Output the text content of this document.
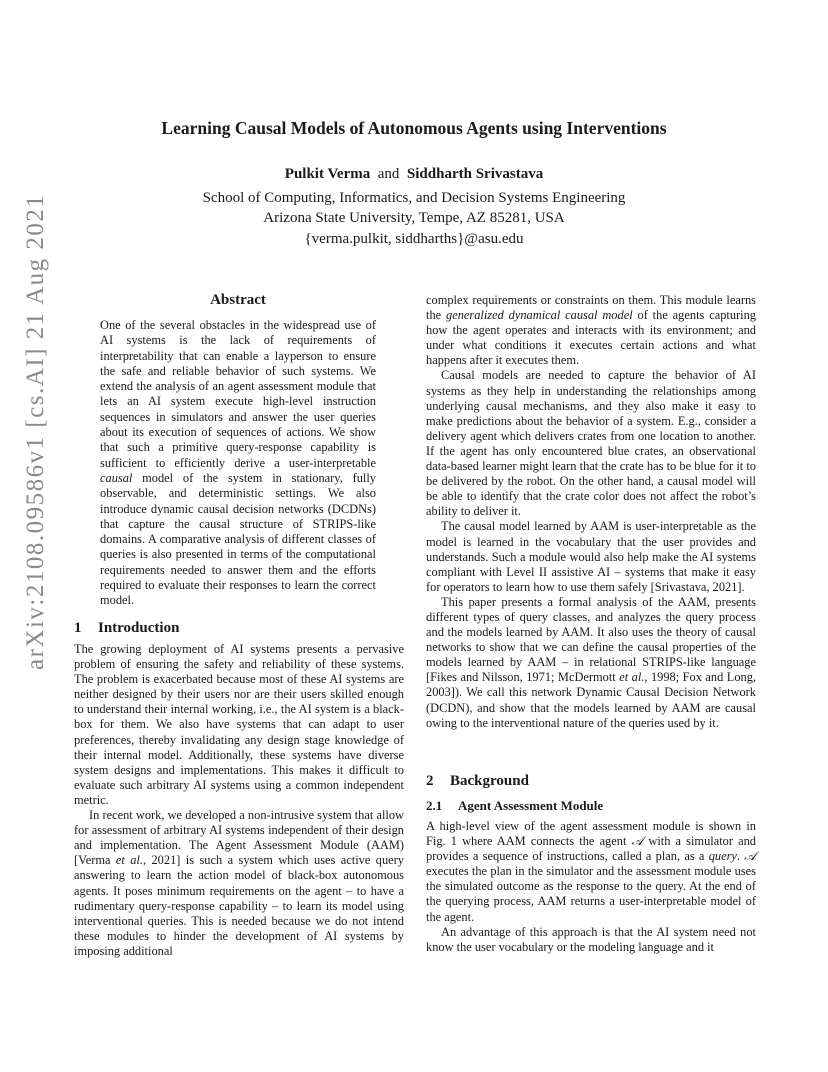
arXiv:2108.09586v1 [cs.AI] 21 Aug 2021
Learning Causal Models of Autonomous Agents using Interventions
Pulkit Verma and Siddharth Srivastava
School of Computing, Informatics, and Decision Systems Engineering
Arizona State University, Tempe, AZ 85281, USA
{verma.pulkit, siddharths}@asu.edu
Abstract
One of the several obstacles in the widespread use of AI systems is the lack of requirements of interpretability that can enable a layperson to ensure the safe and reliable behavior of such systems. We extend the analysis of an agent assessment module that lets an AI system execute high-level instruction sequences in simulators and answer the user queries about its execution of sequences of actions. We show that such a primitive query-response capability is sufficient to efficiently derive a user-interpretable causal model of the system in stationary, fully observable, and deterministic settings. We also introduce dynamic causal decision networks (DCDNs) that capture the causal structure of STRIPS-like domains. A comparative analysis of different classes of queries is also presented in terms of the computational requirements needed to answer them and the efforts required to evaluate their responses to learn the correct model.
1 Introduction

The growing deployment of AI systems presents a pervasive problem of ensuring the safety and reliability of these systems. The problem is exacerbated because most of these AI systems are neither designed by their users nor are their users skilled enough to understand their internal working, i.e., the AI system is a black-box for them. We also have systems that can adapt to user preferences, thereby invalidating any design stage knowledge of their internal model. Additionally, these systems have diverse system designs and implementations. This makes it difficult to evaluate such arbitrary AI systems using a common independent metric.

In recent work, we developed a non-intrusive system that allow for assessment of arbitrary AI systems independent of their design and implementation. The Agent Assessment Module (AAM) [Verma et al., 2021] is such a system which uses active query answering to learn the action model of black-box autonomous agents. It poses minimum requirements on the agent – to have a rudimentary query-response capability – to learn its model using interventional queries. This is needed because we do not intend these modules to hinder the development of AI systems by imposing additional

complex requirements or constraints on them. This module learns the generalized dynamical causal model of the agents capturing how the agent operates and interacts with its environment; and under what conditions it executes certain actions and what happens after it executes them.

Causal models are needed to capture the behavior of AI systems as they help in understanding the relationships among underlying causal mechanisms, and they also make it easy to make predictions about the behavior of a system. E.g., consider a delivery agent which delivers crates from one location to another. If the agent has only encountered blue crates, an observational data-based learner might learn that the crate has to be blue for it to be delivered by the robot. On the other hand, a causal model will be able to identify that the crate color does not affect the robot’s ability to deliver it.

The causal model learned by AAM is user-interpretable as the model is learned in the vocabulary that the user provides and understands. Such a module would also help make the AI systems compliant with Level II assistive AI – systems that make it easy for operators to learn how to use them safely [Srivastava, 2021].

This paper presents a formal analysis of the AAM, presents different types of query classes, and analyzes the query process and the models learned by AAM. It also uses the theory of causal networks to show that we can define the causal properties of the models learned by AAM – in relational STRIPS-like language [Fikes and Nilsson, 1971; McDermott et al., 1998; Fox and Long, 2003]). We call this network Dynamic Causal Decision Network (DCDN), and show that the models learned by AAM are causal owing to the interventional nature of the queries used by it.

2 Background
2.1 Agent Assessment Module

A high-level view of the agent assessment module is shown in Fig. 1 where AAM connects the agent 𝒜 with a simulator and provides a sequence of instructions, called a plan, as a query. 𝒜 executes the plan in the simulator and the assessment module uses the simulated outcome as the response to the query. At the end of the querying process, AAM returns a user-interpretable model of the agent.

An advantage of this approach is that the AI system need not know the user vocabulary or the modeling language and it
